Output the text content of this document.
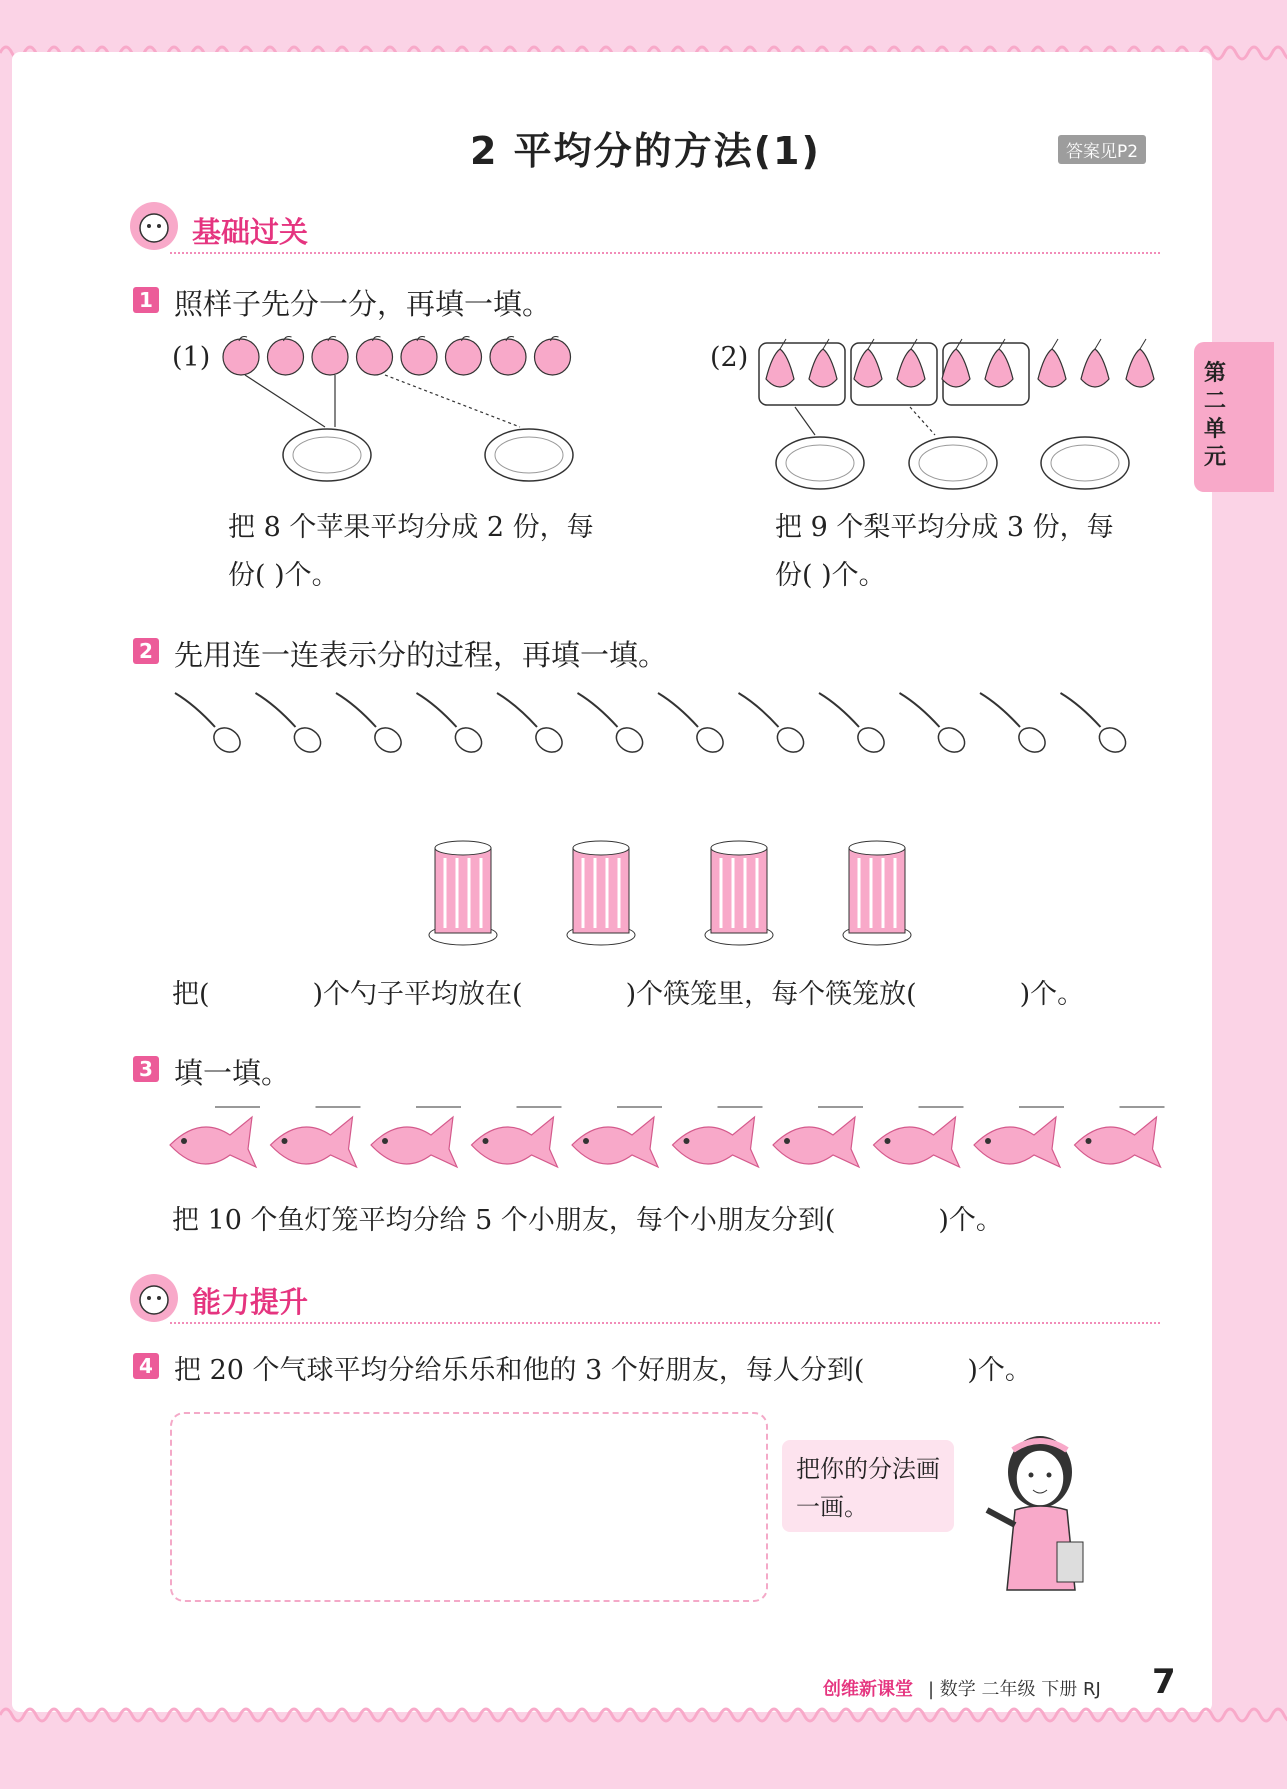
2 平均分的方法(1)	答案见P2
第二单元
基础过关
1 照样子先分一分，再填一填。
(1)	(2)
把 8 个苹果平均分成 2 份，每
份( )个。
把 9 个梨平均分成 3 份，每
份( )个。
2 先用连一连表示分的过程，再填一填。
把(            )个勺子平均放在(            )个筷笼里，每个筷笼放(            )个。
3 填一填。
把 10 个鱼灯笼平均分给 5 个小朋友，每个小朋友分到(            )个。
能力提升
4 把 20 个气球平均分给乐乐和他的 3 个好朋友，每人分到(            )个。
把你的分法画一画。
创维新课堂 | 数学 二年级 下册 RJ 7
